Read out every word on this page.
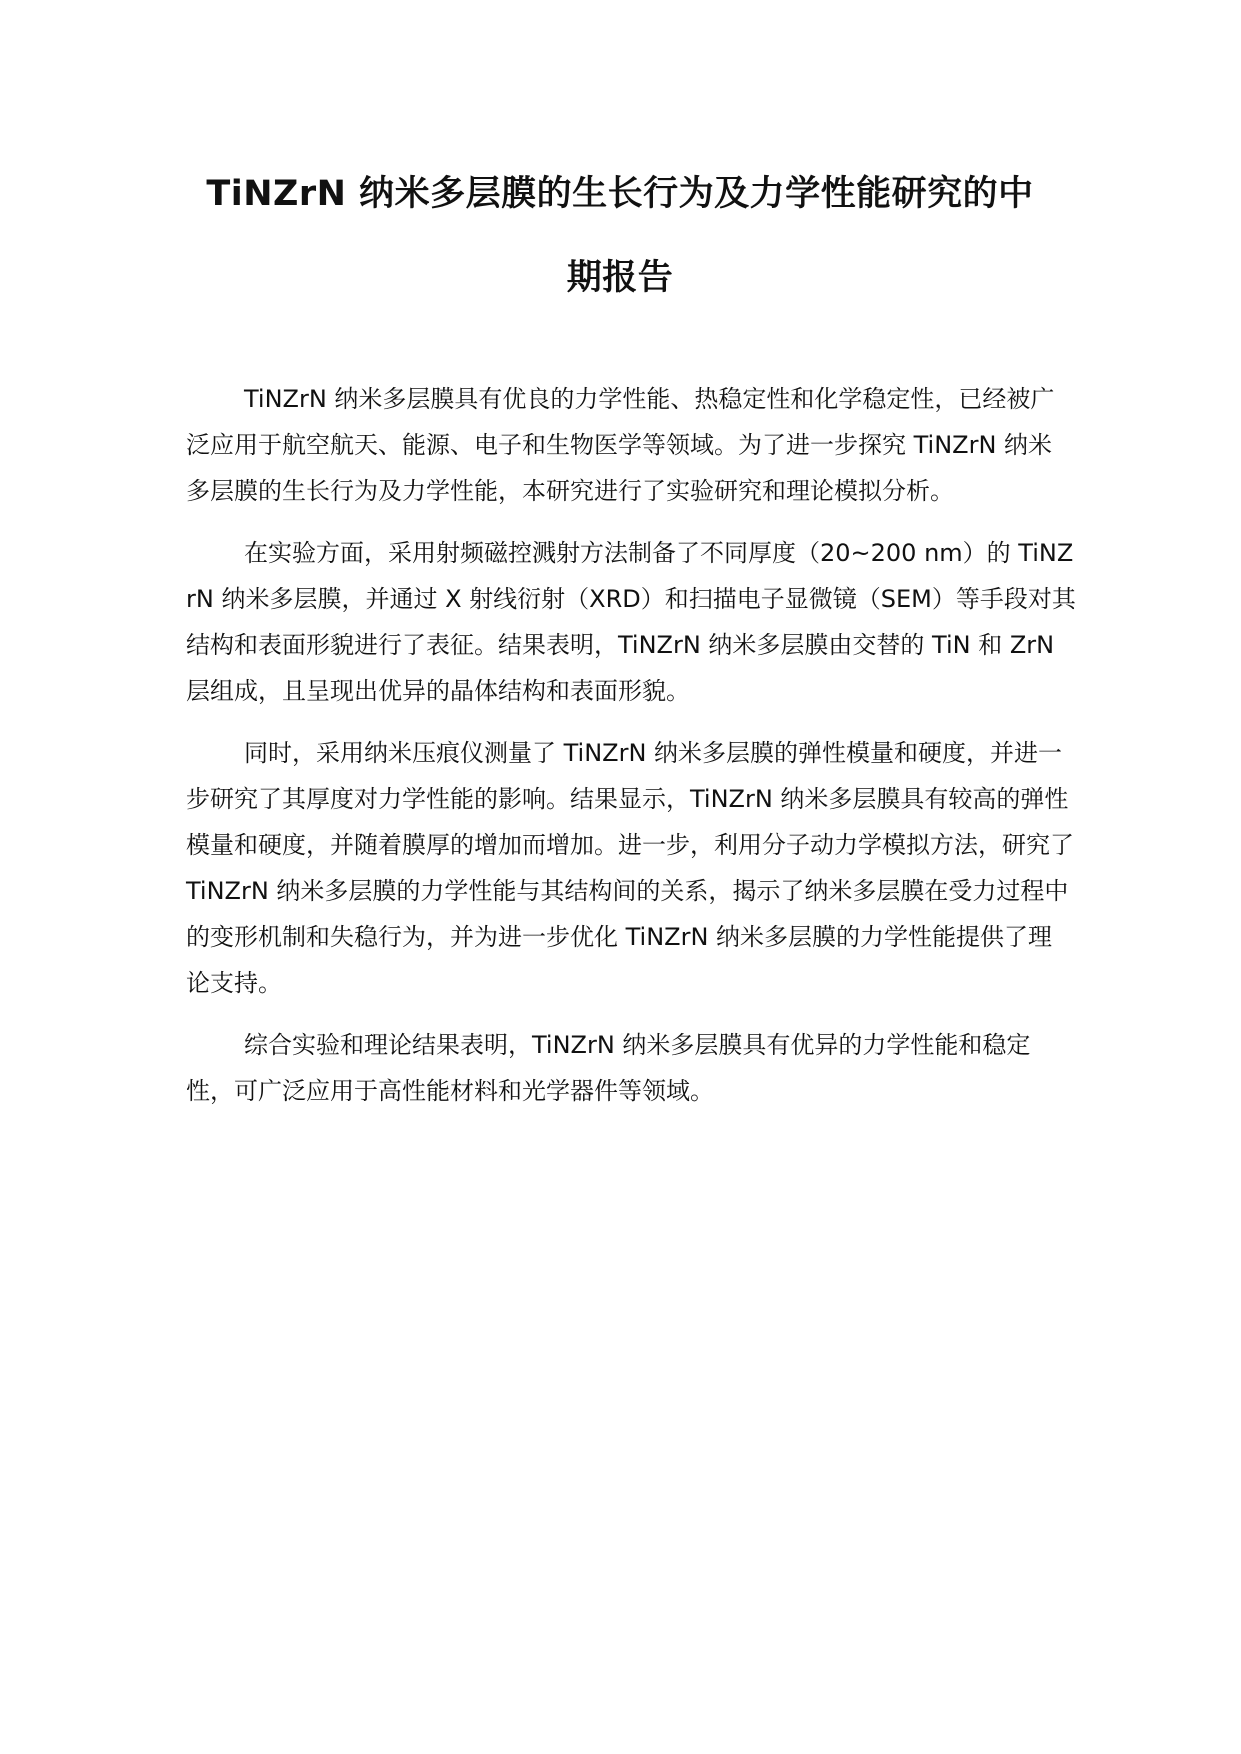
TiNZrN 纳米多层膜的生长行为及力学性能研究的中
期报告

TiNZrN 纳米多层膜具有优良的力学性能、热稳定性和化学稳定性，已经被广泛应用于航空航天、能源、电子和生物医学等领域。为了进一步探究 TiNZrN 纳米多层膜的生长行为及力学性能，本研究进行了实验研究和理论模拟分析。

在实验方面，采用射频磁控溅射方法制备了不同厚度（20~200 nm）的 TiNZrN 纳米多层膜，并通过 X 射线衍射（XRD）和扫描电子显微镜（SEM）等手段对其结构和表面形貌进行了表征。结果表明，TiNZrN 纳米多层膜由交替的 TiN 和 ZrN 层组成，且呈现出优异的晶体结构和表面形貌。

同时，采用纳米压痕仪测量了 TiNZrN 纳米多层膜的弹性模量和硬度，并进一步研究了其厚度对力学性能的影响。结果显示，TiNZrN 纳米多层膜具有较高的弹性模量和硬度，并随着膜厚的增加而增加。进一步，利用分子动力学模拟方法，研究了 TiNZrN 纳米多层膜的力学性能与其结构间的关系，揭示了纳米多层膜在受力过程中的变形机制和失稳行为，并为进一步优化 TiNZrN 纳米多层膜的力学性能提供了理论支持。

综合实验和理论结果表明，TiNZrN 纳米多层膜具有优异的力学性能和稳定性，可广泛应用于高性能材料和光学器件等领域。
